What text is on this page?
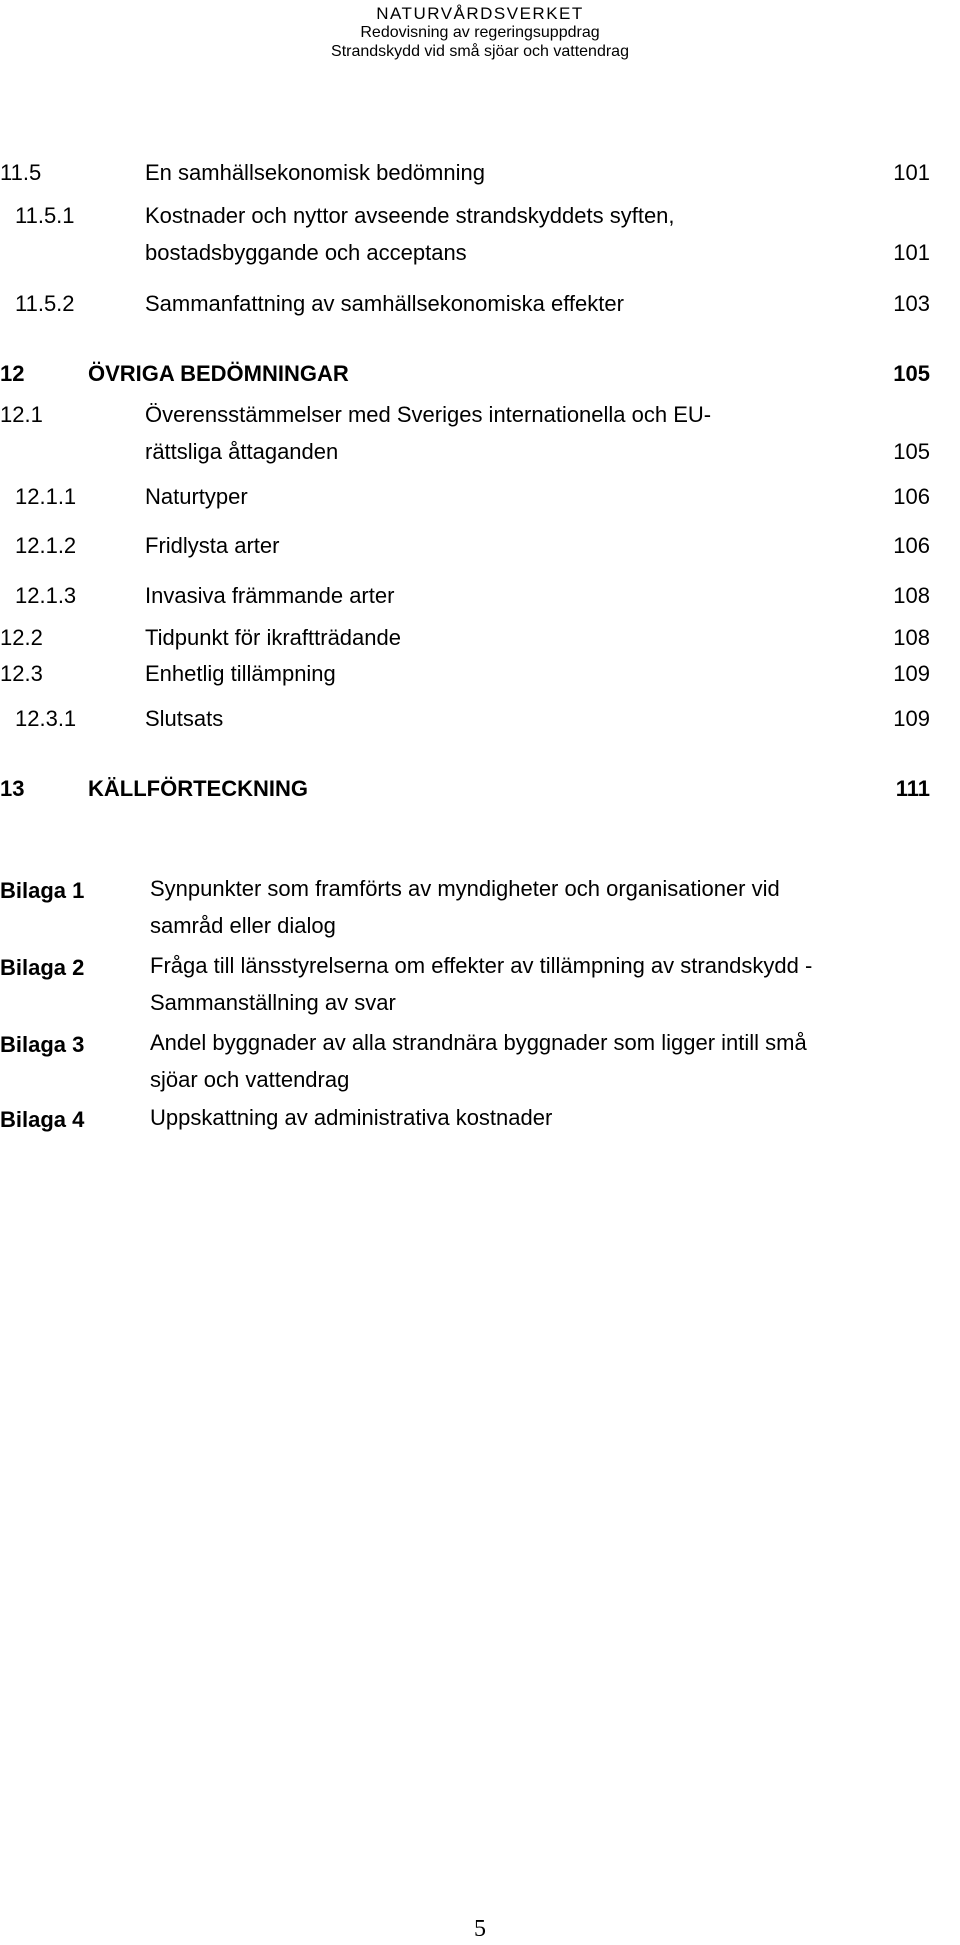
NATURVÅRDSVERKET
Redovisning av regeringsuppdrag
Strandskydd vid små sjöar och vattendrag
11.5	En samhällsekonomisk bedömning	101
11.5.1	Kostnader och nyttor avseende strandskyddets syften,
bostadsbyggande och acceptans	101
11.5.2	Sammanfattning av samhällsekonomiska effekter	103
12	ÖVRIGA BEDÖMNINGAR	105
12.1	Överensstämmelser med Sveriges internationella och EU-
rättsliga åttaganden	105
12.1.1	Naturtyper	106
12.1.2	Fridlysta arter	106
12.1.3	Invasiva främmande arter	108
12.2	Tidpunkt för ikraftträdande	108
12.3	Enhetlig tillämpning	109
12.3.1	Slutsats	109
13	KÄLLFÖRTECKNING	111
Bilaga 1	Synpunkter som framförts av myndigheter och organisationer vid
samråd eller dialog
Bilaga 2	Fråga till länsstyrelserna om effekter av tillämpning av strandskydd -
Sammanställning av svar
Bilaga 3	Andel byggnader av alla strandnära byggnader som ligger intill små
sjöar och vattendrag
Bilaga 4	Uppskattning av administrativa kostnader
5
